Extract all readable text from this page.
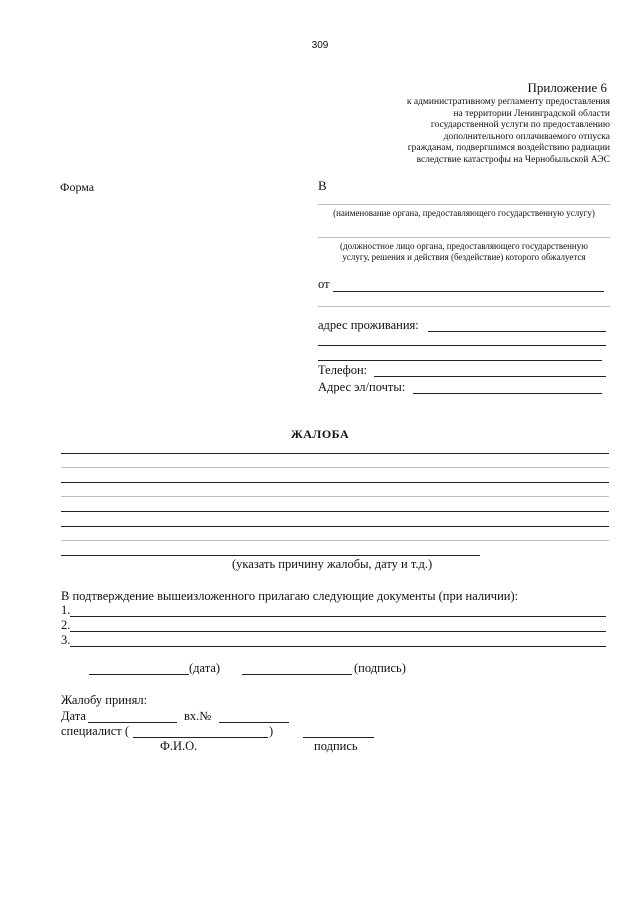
309
Приложение 6
к административному регламенту предоставления
на территории Ленинградской области
государственной услуги по предоставлению
дополнительного оплачиваемого отпуска
гражданам, подвергшимся воздействию радиации
вследствие катастрофы на Чернобыльской АЭС
Форма	В
(наименование органа, предоставляющего государственную услугу)
(должностное лицо органа, предоставляющего государственную
услугу, решения и действия (бездействие) которого обжалуется
от
адрес проживания:
Телефон:
Адрес эл/почты:
ЖАЛОБА
(указать причину жалобы, дату и т.д.)
В подтверждение вышеизложенного прилагаю следующие документы (при наличии):
1.
2.
3.
(дата)	(подпись)
Жалобу принял:
Дата	вх.№
специалист (	)
Ф.И.О.	подпись
